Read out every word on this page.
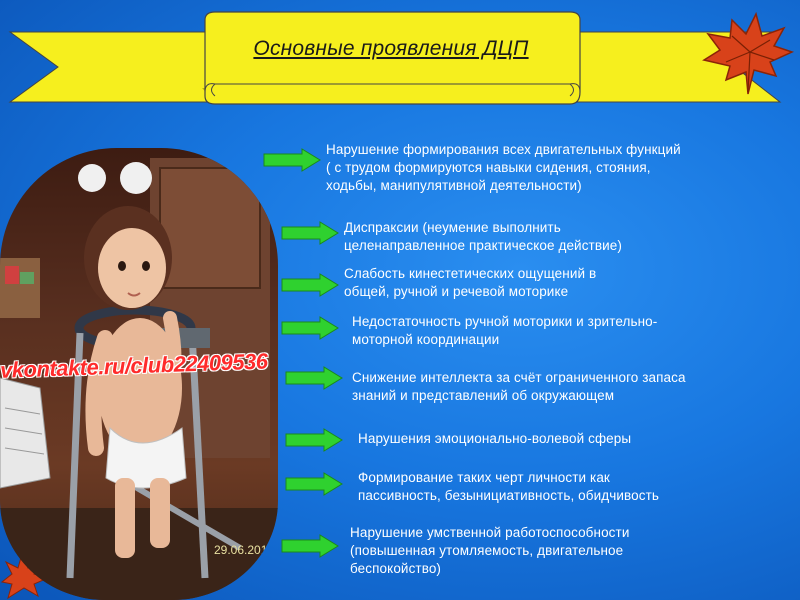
Основные проявления ДЦП
vkontakte.ru/club22409536
29.06.2011
Нарушение формирования всех двигательных функций
( с трудом формируются навыки сидения, стояния,
ходьбы, манипулятивной деятельности)
Диспраксии (неумение выполнить
целенаправленное практическое действие)
Слабость кинестетических ощущений в
общей, ручной и речевой моторике
Недостаточность ручной моторики и зрительно-
моторной координации
Снижение интеллекта за счёт ограниченного запаса
знаний и представлений об окружающем
Нарушения эмоционально-волевой сферы
Формирование таких черт личности как
пассивность, безынициативность, обидчивость
Нарушение умственной работоспособности
(повышенная утомляемость, двигательное
беспокойство)
